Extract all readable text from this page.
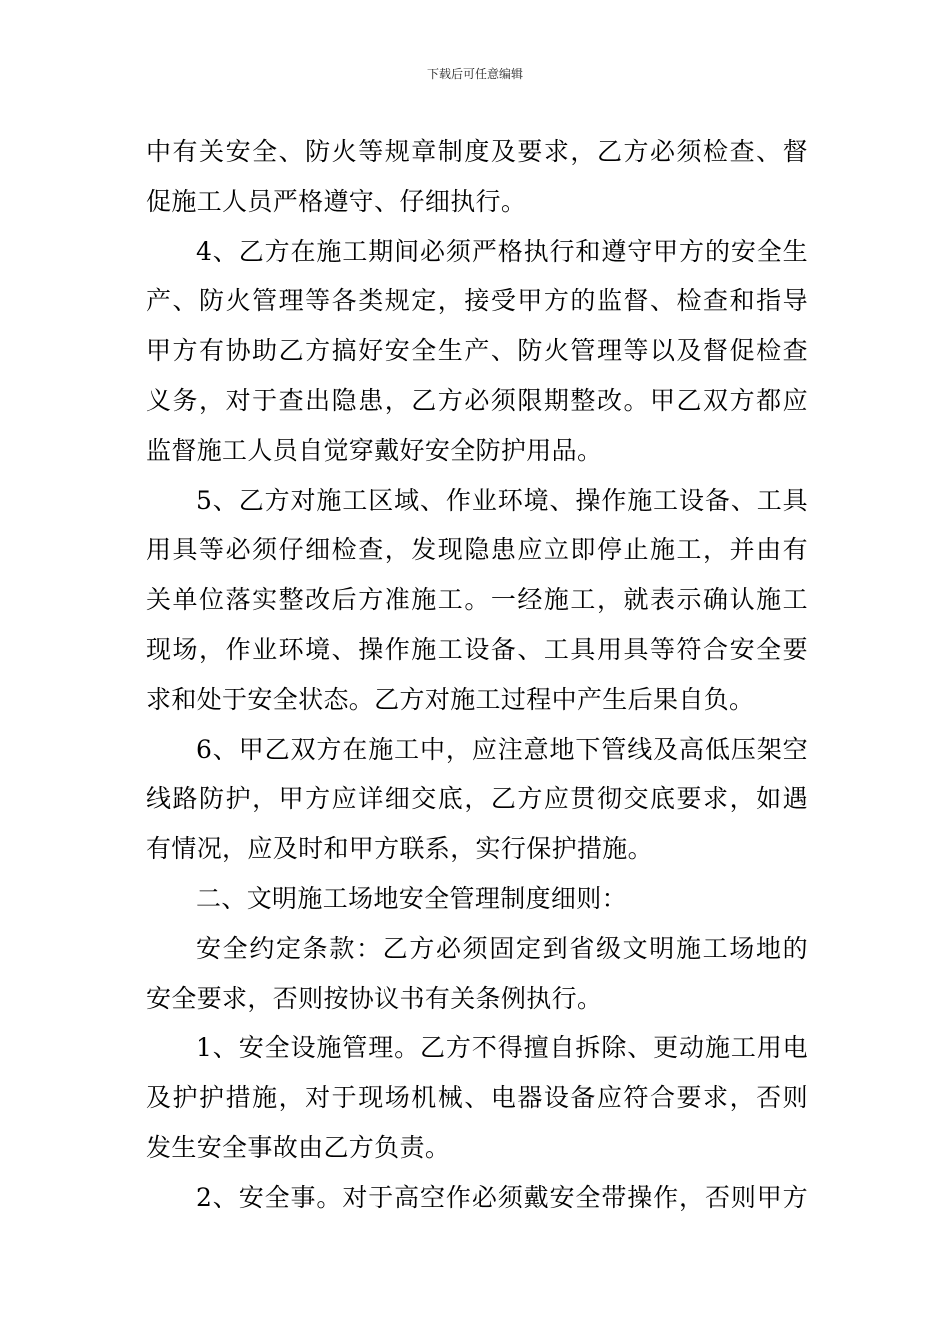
下载后可任意编辑
中有关安全、防火等规章制度及要求，乙方必须检查、督
促施工人员严格遵守、仔细执行。
4、乙方在施工期间必须严格执行和遵守甲方的安全生
产、防火管理等各类规定，接受甲方的监督、检查和指导
甲方有协助乙方搞好安全生产、防火管理等以及督促检查
义务，对于查出隐患，乙方必须限期整改。甲乙双方都应
监督施工人员自觉穿戴好安全防护用品。
5、乙方对施工区域、作业环境、操作施工设备、工具
用具等必须仔细检查，发现隐患应立即停止施工，并由有
关单位落实整改后方准施工。一经施工，就表示确认施工
现场，作业环境、操作施工设备、工具用具等符合安全要
求和处于安全状态。乙方对施工过程中产生后果自负。
6、甲乙双方在施工中，应注意地下管线及高低压架空
线路防护，甲方应详细交底，乙方应贯彻交底要求，如遇
有情况，应及时和甲方联系，实行保护措施。
二、文明施工场地安全管理制度细则：
安全约定条款：乙方必须固定到省级文明施工场地的
安全要求，否则按协议书有关条例执行。
1、安全设施管理。乙方不得擅自拆除、更动施工用电
及护护措施，对于现场机械、电器设备应符合要求，否则
发生安全事故由乙方负责。
2、安全事。对于高空作必须戴安全带操作，否则甲方
